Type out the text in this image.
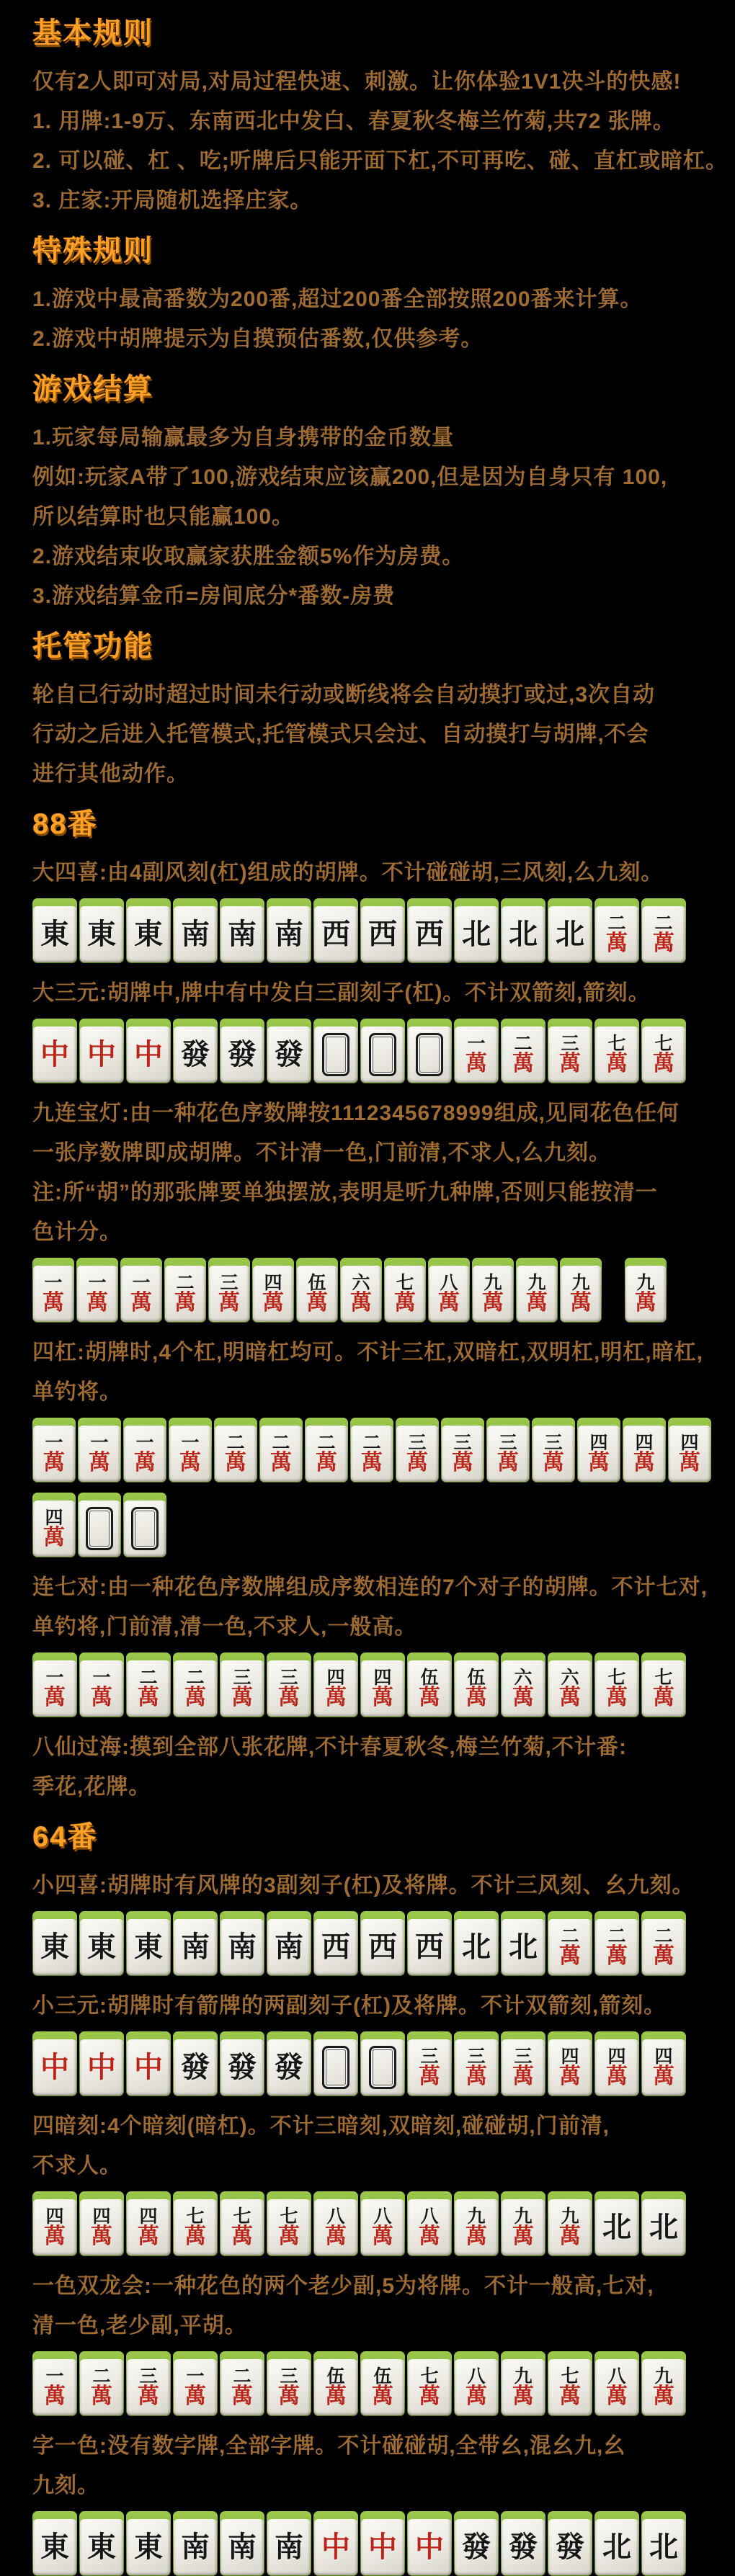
基本规则
仅有2人即可对局,对局过程快速、刺激。让你体验1V1决斗的快感!
1. 用牌:1-9万、东南西北中发白、春夏秋冬梅兰竹菊,共72 张牌。
2. 可以碰、杠 、吃;听牌后只能开面下杠,不可再吃、碰、直杠或暗杠。
3. 庄家:开局随机选择庄家。
特殊规则
1.游戏中最高番数为200番,超过200番全部按照200番来计算。
2.游戏中胡牌提示为自摸预估番数,仅供参考。
游戏结算
1.玩家每局输赢最多为自身携带的金币数量
例如:玩家A带了100,游戏结束应该赢200,但是因为自身只有 100,
所以结算时也只能赢100。
2.游戏结束收取赢家获胜金额5%作为房费。
3.游戏结算金币=房间底分*番数-房费
托管功能
轮自己行动时超过时间未行动或断线将会自动摸打或过,3次自动
行动之后进入托管模式,托管模式只会过、自动摸打与胡牌,不会
进行其他动作。
88番
大四喜:由4副风刻(杠)组成的胡牌。不计碰碰胡,三风刻,么九刻。
東 東 東 南 南 南 西 西 西 北 北 北 二
萬
二
萬
大三元:胡牌中,牌中有中发白三副刻子(杠)。不计双箭刻,箭刻。
中 中 中 發 發 發	一
萬
二
萬
三
萬
七
萬
七
萬
九连宝灯:由一种花色序数牌按1112345678999组成,见同花色任何
一张序数牌即成胡牌。不计清一色,门前清,不求人,么九刻。
注:所“胡”的那张牌要单独摆放,表明是听九种牌,否则只能按清一
色计分。
一
萬
一
萬
一
萬
二
萬
三
萬
四
萬
伍
萬
六
萬
七
萬
八
萬
九
萬
九
萬
九
萬
九
萬
四杠:胡牌时,4个杠,明暗杠均可。不计三杠,双暗杠,双明杠,明杠,暗杠,
单钓将。
一
萬
一
萬
一
萬
一
萬
二
萬
二
萬
二
萬
二
萬
三
萬
三
萬
三
萬
三
萬
四
萬
四
萬
四
萬
四
萬
连七对:由一种花色序数牌组成序数相连的7个对子的胡牌。不计七对,
单钓将,门前清,清一色,不求人,一般高。
一
萬
一
萬
二
萬
二
萬
三
萬
三
萬
四
萬
四
萬
伍
萬
伍
萬
六
萬
六
萬
七
萬
七
萬
八仙过海:摸到全部八张花牌,不计春夏秋冬,梅兰竹菊,不计番:
季花,花牌。
64番
小四喜:胡牌时有风牌的3副刻子(杠)及将牌。不计三风刻、幺九刻。
東 東 東 南 南 南 西 西 西 北 北 二
萬
二
萬
二
萬
小三元:胡牌时有箭牌的两副刻子(杠)及将牌。不计双箭刻,箭刻。
中 中 中 發 發 發	三
萬
三
萬
三
萬
四
萬
四
萬
四
萬
四暗刻:4个暗刻(暗杠)。不计三暗刻,双暗刻,碰碰胡,门前清,
不求人。
四
萬
四
萬
四
萬
七
萬
七
萬
七
萬
八
萬
八
萬
八
萬
九
萬
九
萬
九
萬 北 北
一色双龙会:一种花色的两个老少副,5为将牌。不计一般高,七对,
清一色,老少副,平胡。
一
萬
二
萬
三
萬
一
萬
二
萬
三
萬
伍
萬
伍
萬
七
萬
八
萬
九
萬
七
萬
八
萬
九
萬
字一色:没有数字牌,全部字牌。不计碰碰胡,全带幺,混幺九,幺
九刻。
東 東 東 南 南 南 中 中 中 發 發 發 北 北
